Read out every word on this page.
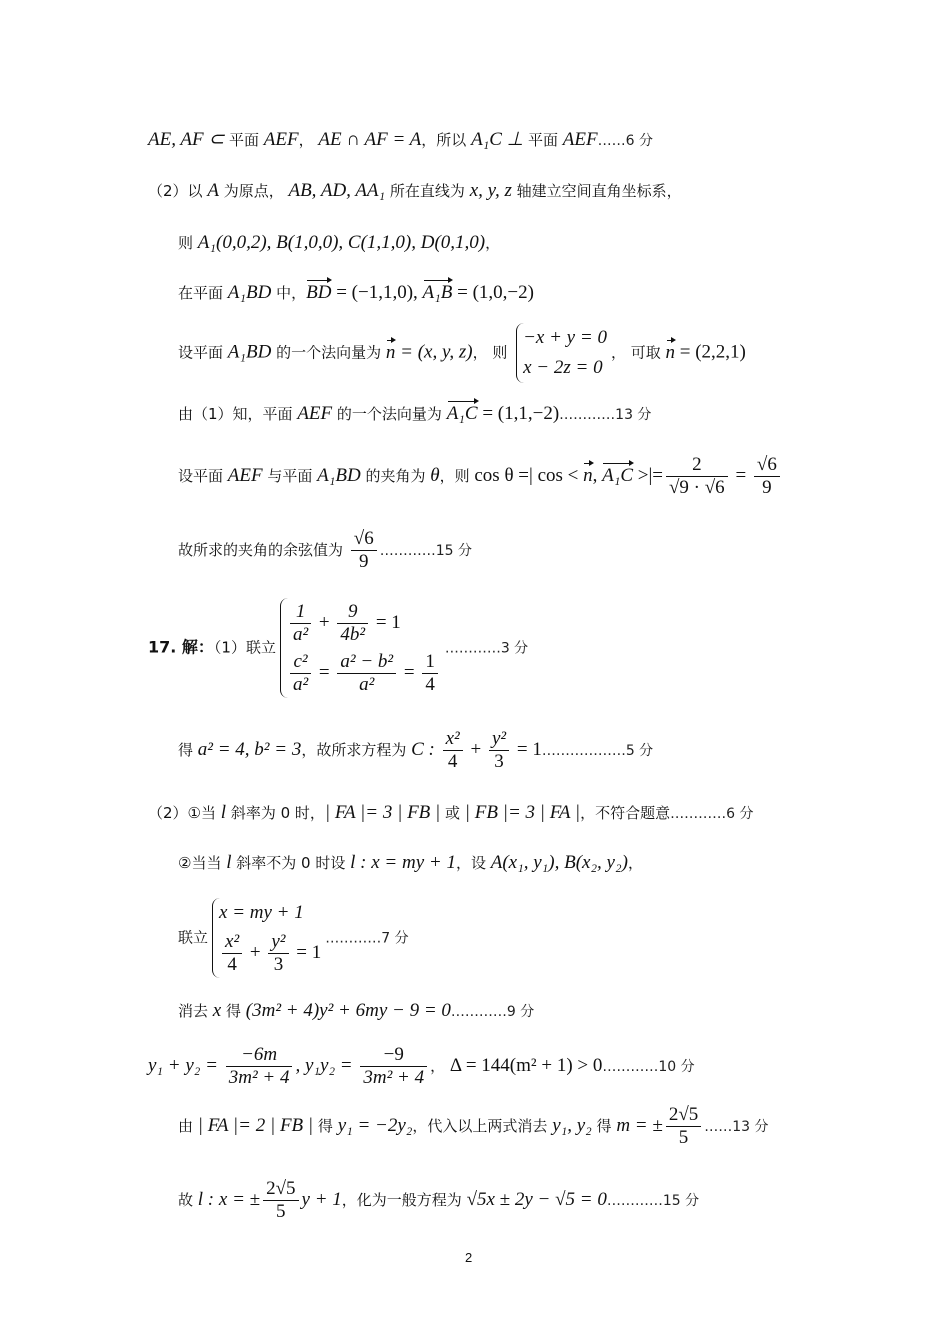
AE, AF ⊂ 平面 AEF， AE ∩ AF = A，所以 A₁C ⊥ 平面 AEF……6 分
（2）以 A 为原点， AB, AD, AA₁ 所在直线为 x, y, z 轴建立空间直角坐标系，
则 A₁(0,0,2), B(1,0,0), C(1,1,0), D(0,1,0)，
在平面 A₁BD 中，BD = (−1,1,0), A₁B = (1,0,−2)
设平面 A₁BD 的一个法向量为 n = (x, y, z)， 则
−x + y = 0
x − 2z = 0
， 可取 n = (2,2,1)
由（1）知，平面 AEF 的一个法向量为 A₁C = (1,1,−2)…………13 分
设平面 AEF 与平面 A₁BD 的夹角为 θ，则 cos θ =| cos < n, A₁C >|= $\frac{2}{√9 \cdot √6} = \frac{√6}{9}$
故所求的夹角的余弦值为 $\frac{√6}{9}$ …………15 分
17. 解：（1）联立
$\frac{1}{\text{a²}} + \frac{9}{\text{4b²}} = 1$
$\frac{\text{c²}}{\text{a²}} = \frac{\text{a² − b²}}{\text{a²}} = \frac{1}{4}$
…………3 分
得 a² = 4, b² = 3，故所求方程为 C : $\frac{\text{x²}}{4} + \frac{\text{y²}}{3}$ = 1………………5 分
（2）①当 l 斜率为 0 时，| FA |= 3 | FB | 或 | FB |= 3 | FA |，不符合题意…………6 分
②当当 l 斜率不为 0 时设 l : x = my + 1，设 A(x₁, y₁), B(x₂, y₂)，
联立
x = my + 1
$\frac{\text{x²}}{4} + \frac{\text{y²}}{3} = 1$
…………7 分
消去 x 得 (3m² + 4)y² + 6my − 9 = 0…………9 分
$y_1 + y_2 = \frac{-6m}{\text{3m² + 4}}$ , $y_1y_2 = \frac{-9}{\text{3m² + 4}}$ ， Δ = 144(m² + 1) > 0…………10 分
由 | FA |= 2 | FB | 得 y₁ = −2y₂，代入以上两式消去 y₁, y₂ 得 m = ± $\frac{2√5}{5}$ ……13 分
故 l : x = ± $\frac{2√5}{5}$ y + 1，化为一般方程为 √5x ± 2y − √5 = 0…………15 分
2
